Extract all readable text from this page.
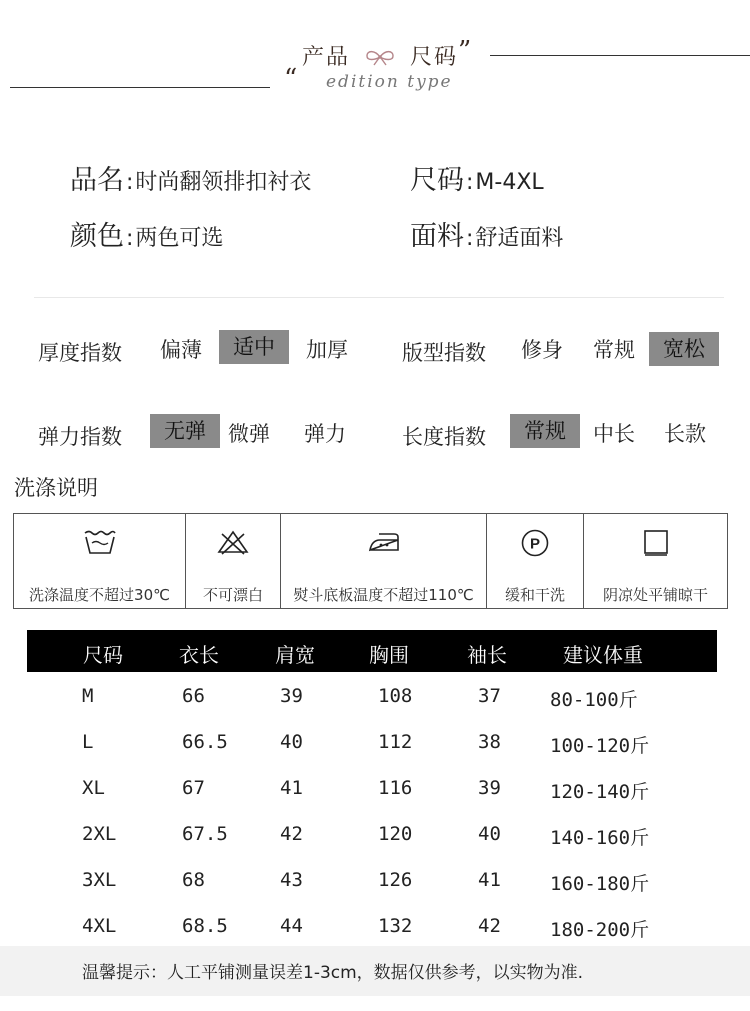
产品	尺码 ”
“ edition type
品名:时尚翻领排扣衬衣	尺码:M-4XL
颜色:两色可选	面料:舒适面料
厚度指数 偏薄	适中	加厚	版型指数 修身 常规	宽松
弹力指数	无弹	微弹 弹力	长度指数	常规	中长 长款
洗涤说明
洗涤温度不超过30℃	不可漂白	熨斗底板温度不超过110℃
P
缓和干洗	阴凉处平铺晾干
尺码	衣长	肩宽	胸围	袖长	建议体重
M	66	39	108	37	80-100斤
L	66.5	40	112	38	100-120斤
XL	67	41	116	39	120-140斤
2XL	67.5	42	120	40	140-160斤
3XL	68	43	126	41	160-180斤
4XL	68.5	44	132	42	180-200斤
温馨提示：人工平铺测量误差1-3cm，数据仅供参考，以实物为准.
